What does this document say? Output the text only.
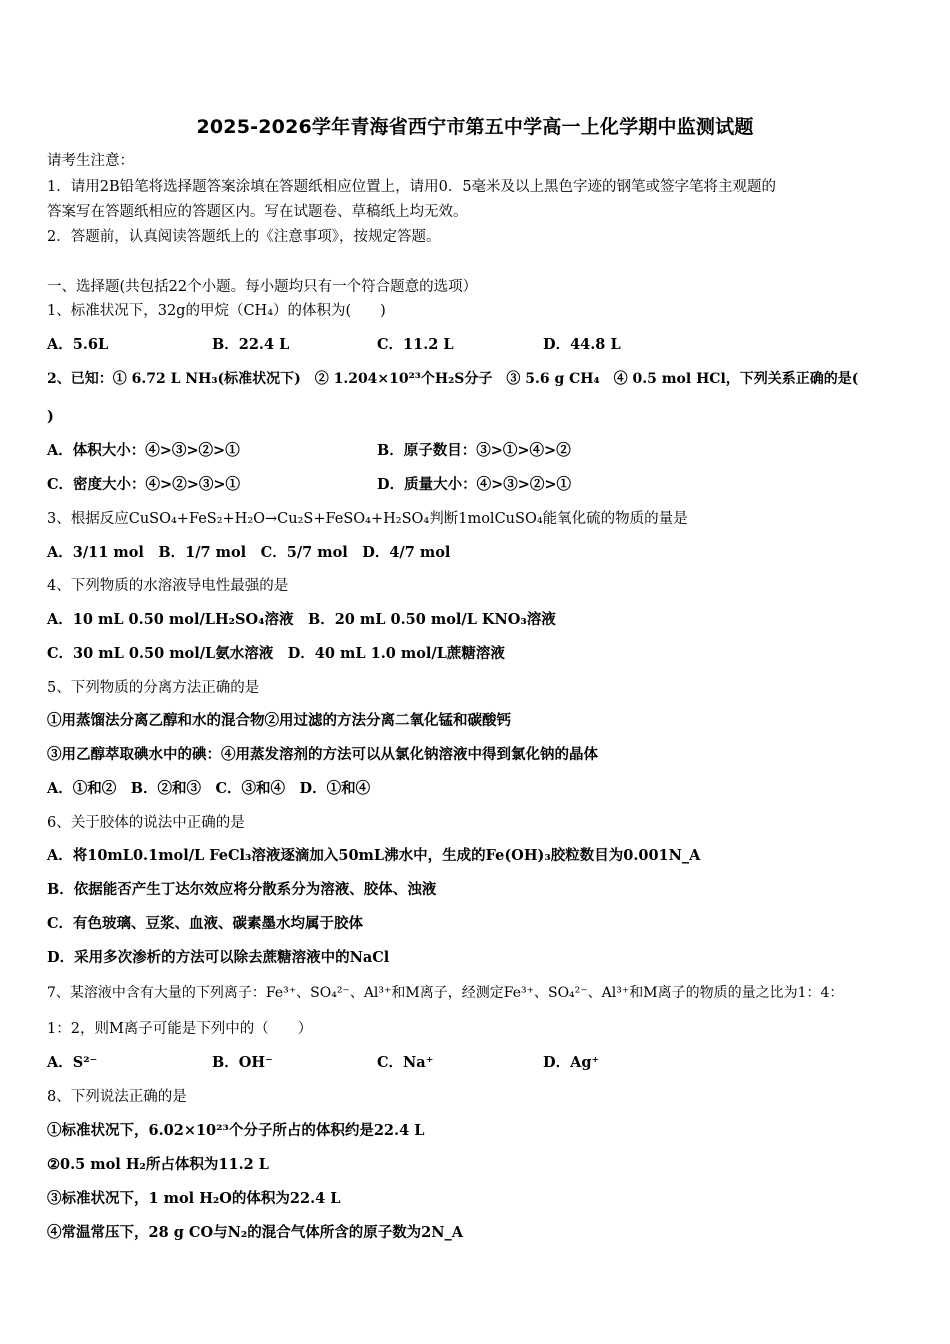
2025-2026学年青海省西宁市第五中学高一上化学期中监测试题
请考生注意：
1．请用2B铅笔将选择题答案涂填在答题纸相应位置上，请用0．5毫米及以上黑色字迹的钢笔或签字笔将主观题的
答案写在答题纸相应的答题区内。写在试题卷、草稿纸上均无效。
2．答题前，认真阅读答题纸上的《注意事项》，按规定答题。
一、选择题(共包括22个小题。每小题均只有一个符合题意的选项）
1、标准状况下，32g的甲烷（CH₄）的体积为(　　)
A．5.6L	B．22.4 L	C．11.2 L	D．44.8 L
2、已知：① 6.72 L NH₃(标准状况下)　② 1.204×10²³个H₂S分子　③ 5.6 g CH₄　④ 0.5 mol HCl，下列关系正确的是(
)
A．体积大小：④>③>②>①	B．原子数目：③>①>④>②
C．密度大小：④>②>③>①	D．质量大小：④>③>②>①
3、根据反应CuSO₄+FeS₂+H₂O→Cu₂S+FeSO₄+H₂SO₄判断1molCuSO₄能氧化硫的物质的量是
A．3/11 mol　B．1/7 mol　C．5/7 mol　D．4/7 mol
4、下列物质的水溶液导电性最强的是
A．10 mL 0.50 mol/LH₂SO₄溶液　B．20 mL 0.50 mol/L KNO₃溶液
C．30 mL 0.50 mol/L氨水溶液　D．40 mL 1.0 mol/L蔗糖溶液
5、下列物质的分离方法正确的是
①用蒸馏法分离乙醇和水的混合物②用过滤的方法分离二氧化锰和碳酸钙
③用乙醇萃取碘水中的碘：④用蒸发溶剂的方法可以从氯化钠溶液中得到氯化钠的晶体
A．①和②　B．②和③　C．③和④　D．①和④
6、关于胶体的说法中正确的是
A．将10mL0.1mol/L FeCl₃溶液逐滴加入50mL沸水中，生成的Fe(OH)₃胶粒数目为0.001N_A
B．依据能否产生丁达尔效应将分散系分为溶液、胶体、浊液
C．有色玻璃、豆浆、血液、碳素墨水均属于胶体
D．采用多次渗析的方法可以除去蔗糖溶液中的NaCl
7、某溶液中含有大量的下列离子：Fe³⁺、SO₄²⁻、Al³⁺和M离子，经测定Fe³⁺、SO₄²⁻、Al³⁺和M离子的物质的量之比为1：4：
1：2，则M离子可能是下列中的（　　）
A．S²⁻	B．OH⁻	C．Na⁺	D．Ag⁺
8、下列说法正确的是
①标准状况下，6.02×10²³个分子所占的体积约是22.4 L
②0.5 mol H₂所占体积为11.2 L
③标准状况下，1 mol H₂O的体积为22.4 L
④常温常压下，28 g CO与N₂的混合气体所含的原子数为2N_A
